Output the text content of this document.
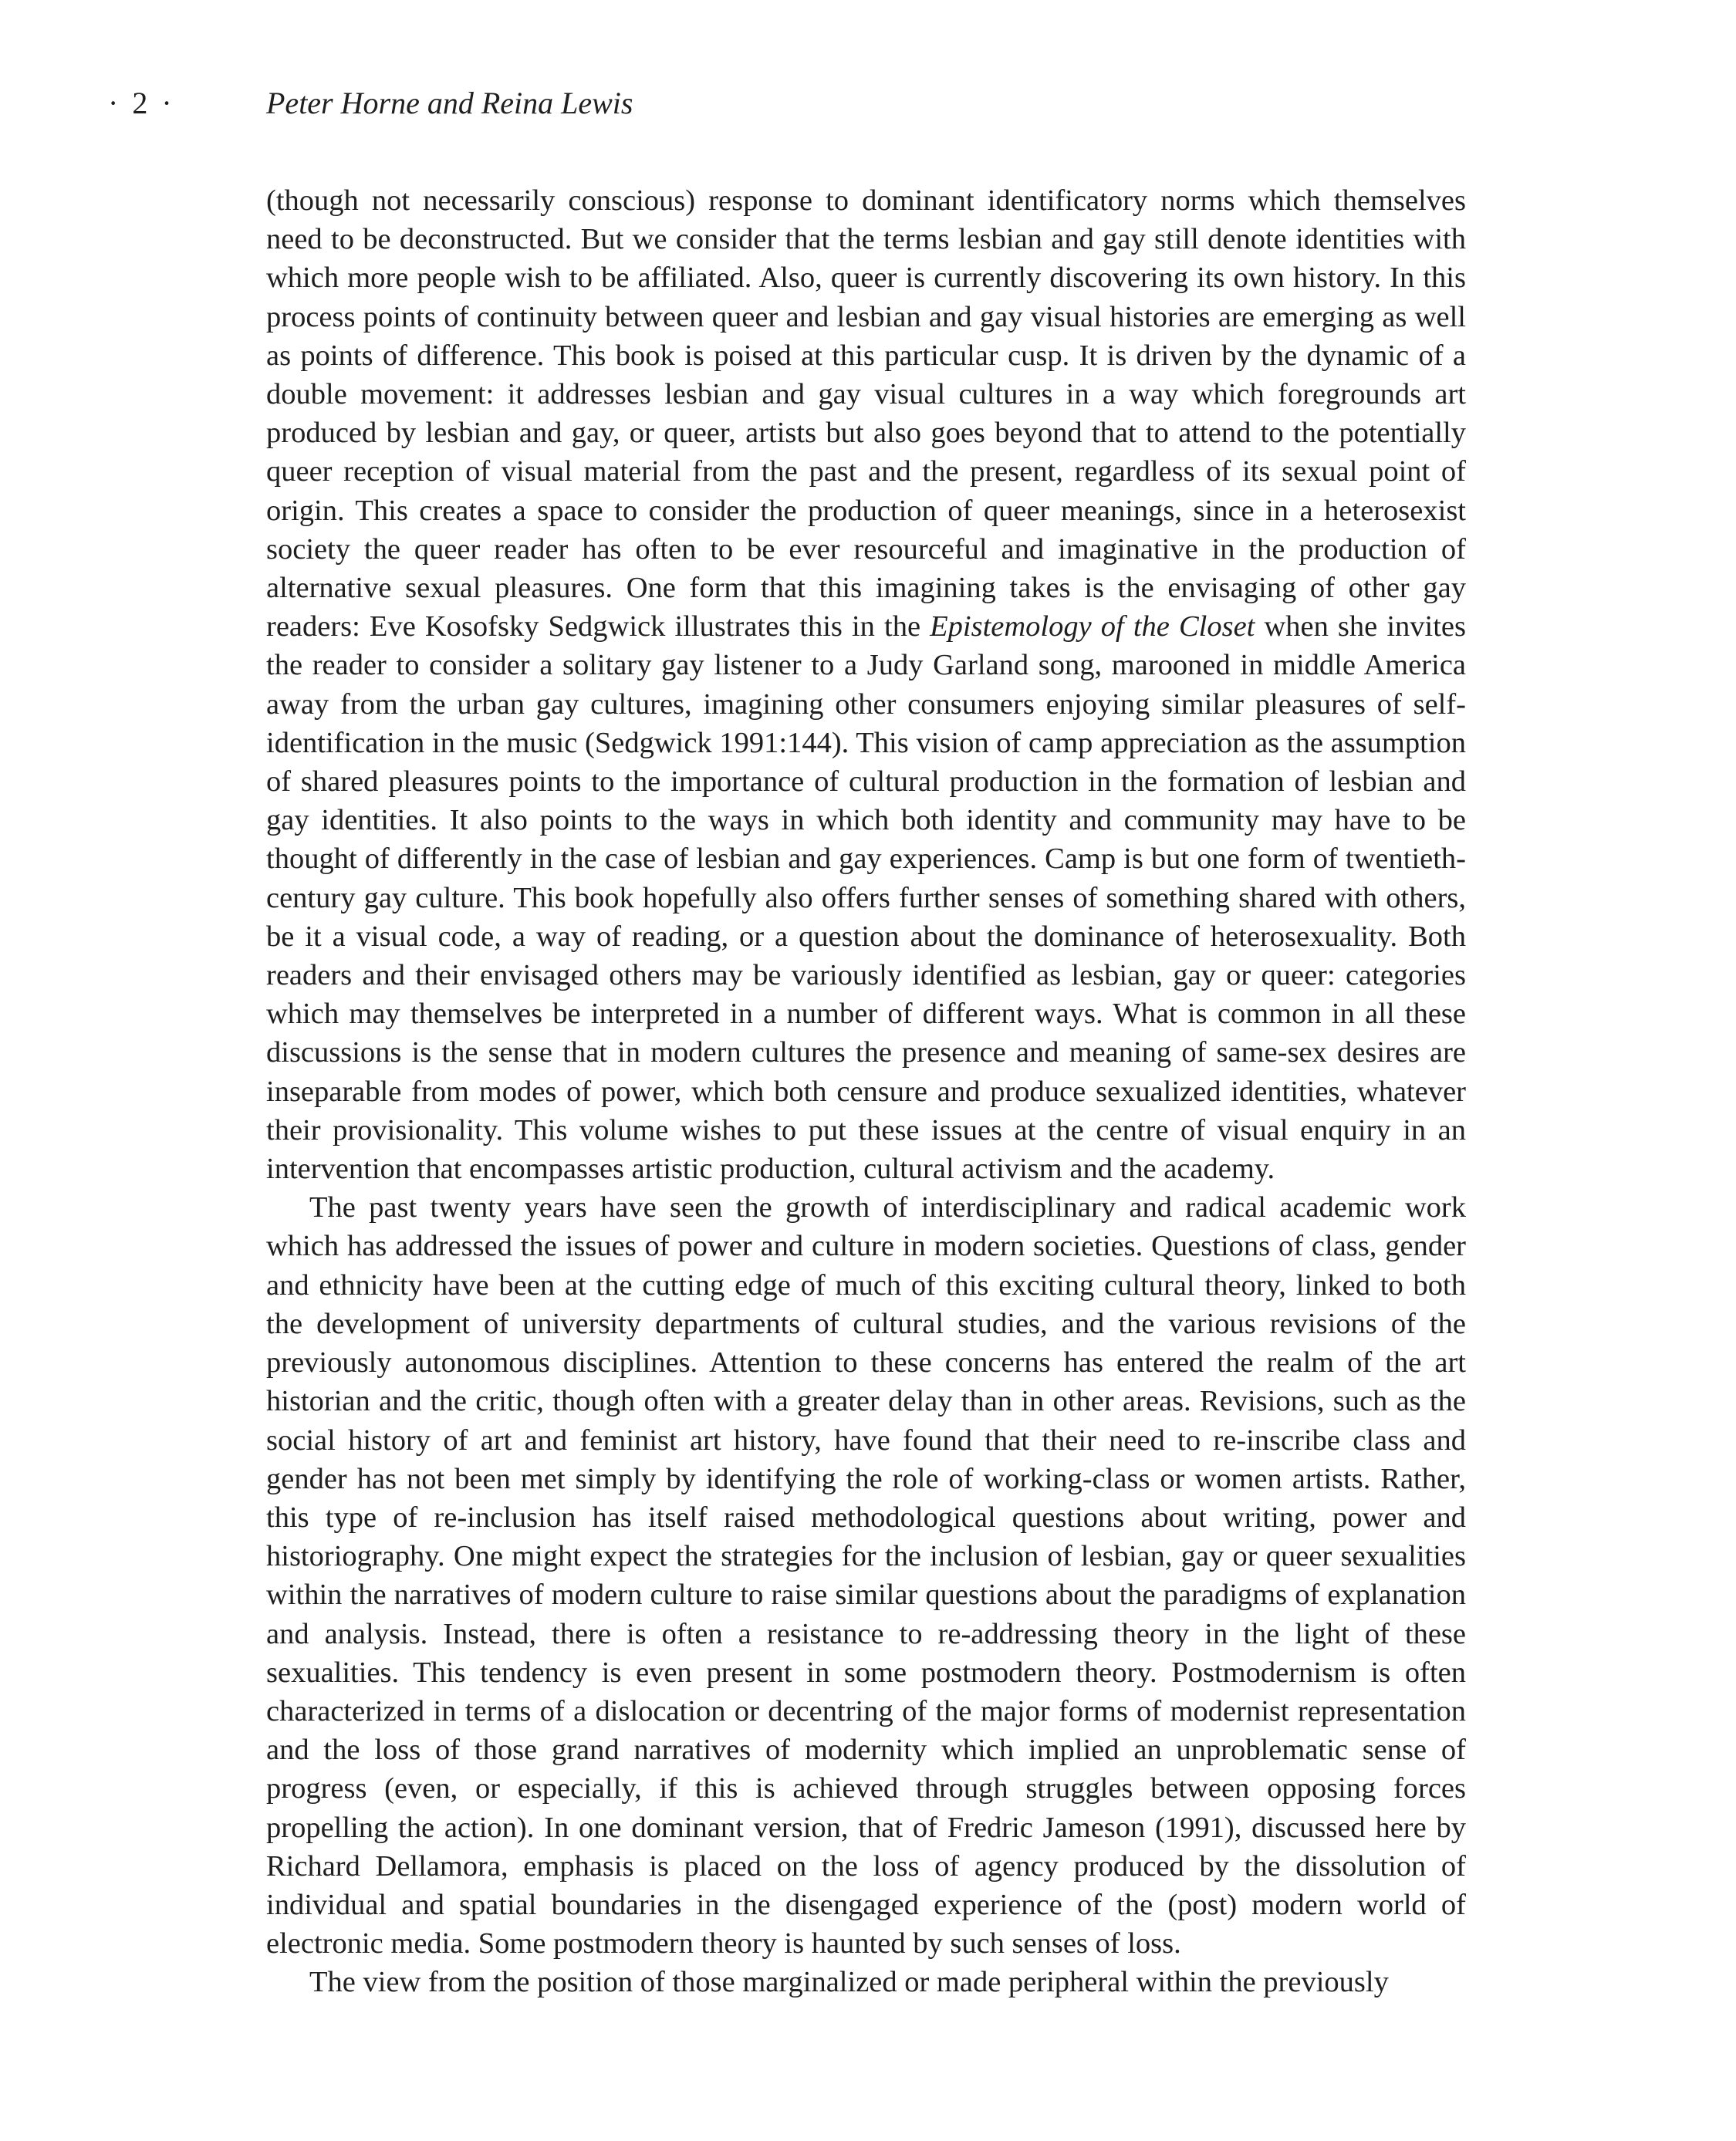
· 2 ·	Peter Horne and Reina Lewis

(though not necessarily conscious) response to dominant identificatory norms which themselves need to be deconstructed. But we consider that the terms lesbian and gay still denote identities with which more people wish to be affiliated. Also, queer is currently discovering its own history. In this process points of continuity between queer and lesbian and gay visual histories are emerging as well as points of difference. This book is poised at this particular cusp. It is driven by the dynamic of a double movement: it addresses lesbian and gay visual cultures in a way which foregrounds art produced by lesbian and gay, or queer, artists but also goes beyond that to attend to the potentially queer reception of visual material from the past and the present, regardless of its sexual point of origin. This creates a space to consider the production of queer meanings, since in a heterosexist society the queer reader has often to be ever resourceful and imaginative in the production of alternative sexual pleasures. One form that this imagining takes is the envisaging of other gay readers: Eve Kosofsky Sedgwick illustrates this in the Epistemology of the Closet when she invites the reader to consider a solitary gay listener to a Judy Garland song, marooned in middle America away from the urban gay cultures, imagining other consumers enjoying similar pleasures of self-identification in the music (Sedgwick 1991:144). This vision of camp appreciation as the assumption of shared pleasures points to the importance of cultural production in the formation of lesbian and gay identities. It also points to the ways in which both identity and community may have to be thought of differently in the case of lesbian and gay experiences. Camp is but one form of twentieth-century gay culture. This book hopefully also offers further senses of something shared with others, be it a visual code, a way of reading, or a question about the dominance of heterosexuality. Both readers and their envisaged others may be variously identified as lesbian, gay or queer: categories which may themselves be interpreted in a number of different ways. What is common in all these discussions is the sense that in modern cultures the presence and meaning of same-sex desires are inseparable from modes of power, which both censure and produce sexualized identities, whatever their provisionality. This volume wishes to put these issues at the centre of visual enquiry in an intervention that encompasses artistic production, cultural activism and the academy.

The past twenty years have seen the growth of interdisciplinary and radical academic work which has addressed the issues of power and culture in modern societies. Questions of class, gender and ethnicity have been at the cutting edge of much of this exciting cultural theory, linked to both the development of university departments of cultural studies, and the various revisions of the previously autonomous disciplines. Attention to these concerns has entered the realm of the art historian and the critic, though often with a greater delay than in other areas. Revisions, such as the social history of art and feminist art history, have found that their need to re-inscribe class and gender has not been met simply by identifying the role of working-class or women artists. Rather, this type of re-inclusion has itself raised methodological questions about writing, power and historiography. One might expect the strategies for the inclusion of lesbian, gay or queer sexualities within the narratives of modern culture to raise similar questions about the paradigms of explanation and analysis. Instead, there is often a resistance to re-addressing theory in the light of these sexualities. This tendency is even present in some postmodern theory. Postmodernism is often characterized in terms of a dislocation or decentring of the major forms of modernist representation and the loss of those grand narratives of modernity which implied an unproblematic sense of progress (even, or especially, if this is achieved through struggles between opposing forces propelling the action). In one dominant version, that of Fredric Jameson (1991), discussed here by Richard Dellamora, emphasis is placed on the loss of agency produced by the dissolution of individual and spatial boundaries in the disengaged experience of the (post) modern world of electronic media. Some postmodern theory is haunted by such senses of loss.

The view from the position of those marginalized or made peripheral within the previously
